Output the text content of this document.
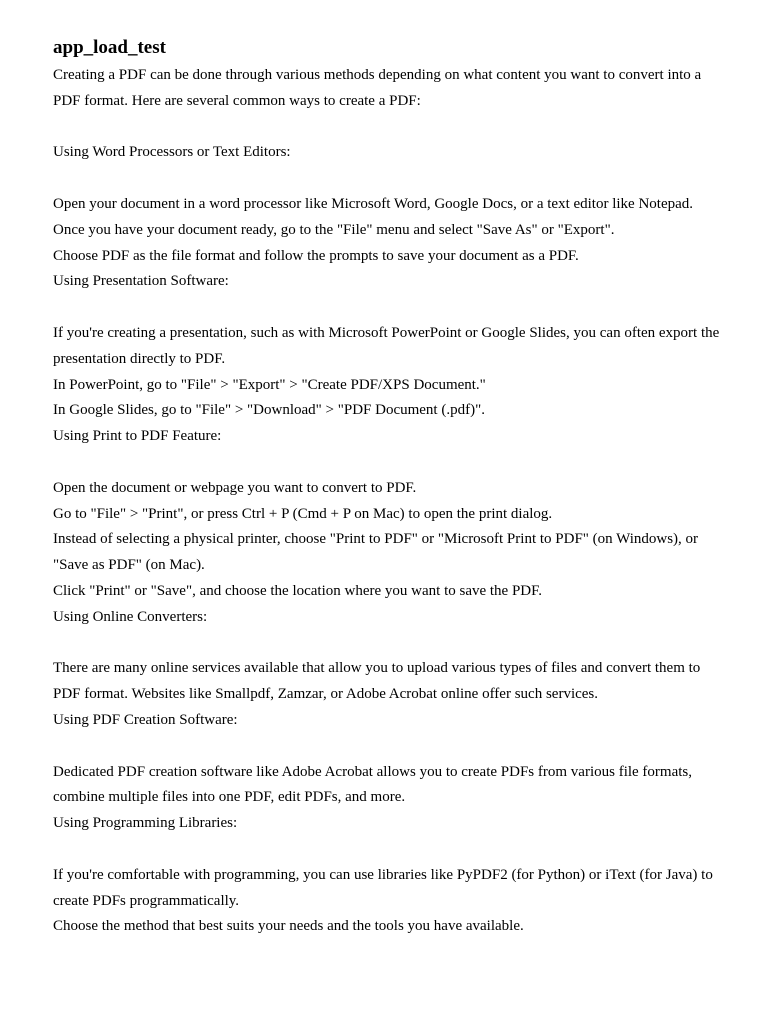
app_load_test

Creating a PDF can be done through various methods depending on what content you want to convert into a

PDF format. Here are several common ways to create a PDF:

Using Word Processors or Text Editors:

Open your document in a word processor like Microsoft Word, Google Docs, or a text editor like Notepad.

Once you have your document ready, go to the "File" menu and select "Save As" or "Export".

Choose PDF as the file format and follow the prompts to save your document as a PDF.

Using Presentation Software:

If you're creating a presentation, such as with Microsoft PowerPoint or Google Slides, you can often export the

presentation directly to PDF.

In PowerPoint, go to "File" > "Export" > "Create PDF/XPS Document."

In Google Slides, go to "File" > "Download" > "PDF Document (.pdf)".

Using Print to PDF Feature:

Open the document or webpage you want to convert to PDF.

Go to "File" > "Print", or press Ctrl + P (Cmd + P on Mac) to open the print dialog.

Instead of selecting a physical printer, choose "Print to PDF" or "Microsoft Print to PDF" (on Windows), or

"Save as PDF" (on Mac).

Click "Print" or "Save", and choose the location where you want to save the PDF.

Using Online Converters:

There are many online services available that allow you to upload various types of files and convert them to

PDF format. Websites like Smallpdf, Zamzar, or Adobe Acrobat online offer such services.

Using PDF Creation Software:

Dedicated PDF creation software like Adobe Acrobat allows you to create PDFs from various file formats,

combine multiple files into one PDF, edit PDFs, and more.

Using Programming Libraries:

If you're comfortable with programming, you can use libraries like PyPDF2 (for Python) or iText (for Java) to

create PDFs programmatically.

Choose the method that best suits your needs and the tools you have available.
